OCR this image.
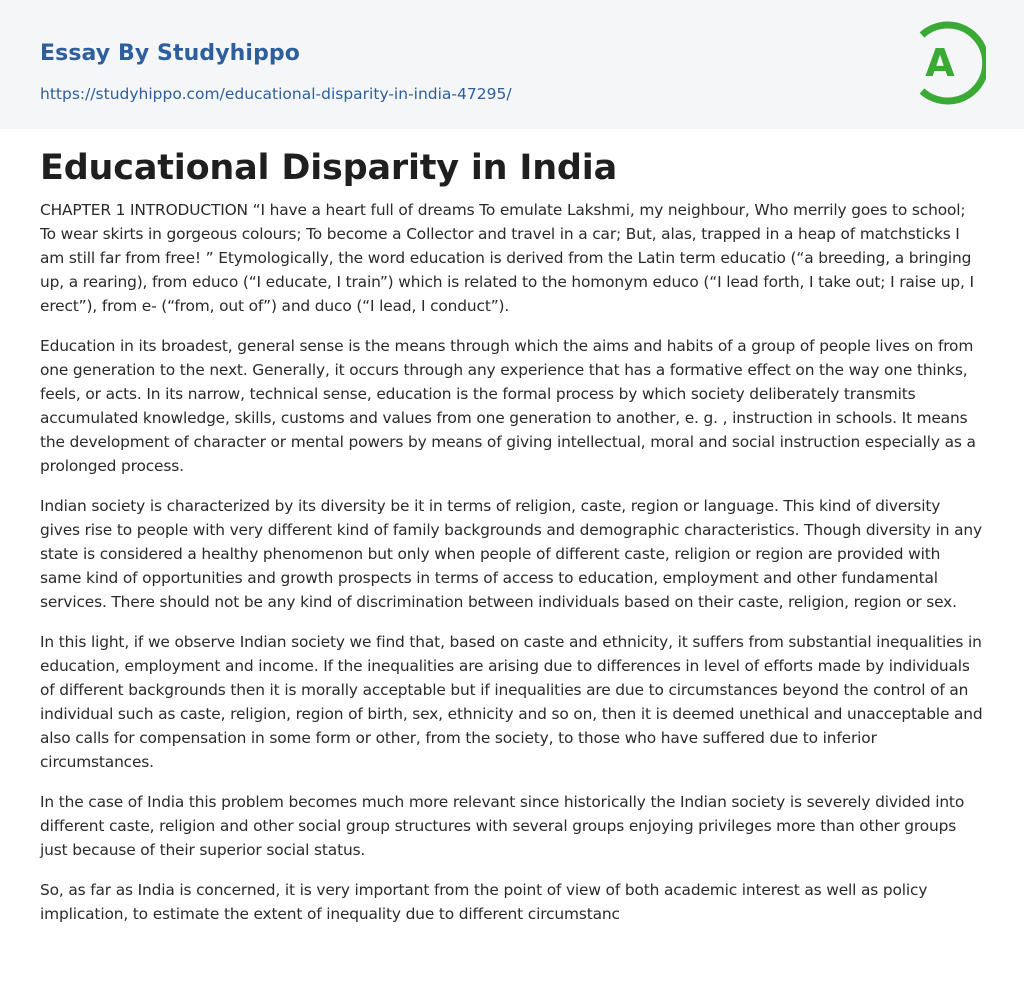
Essay By Studyhippo
https://studyhippo.com/educational-disparity-in-india-47295/
A
Educational Disparity in India

CHAPTER 1 INTRODUCTION “I have a heart full of dreams To emulate Lakshmi, my neighbour, Who merrily goes to school; To wear skirts in gorgeous colours; To become a Collector and travel in a car; But, alas, trapped in a heap of matchsticks I am still far from free! ” Etymologically, the word education is derived from the Latin term educatio (“a breeding, a bringing up, a rearing), from educo (“I educate, I train”) which is related to the homonym educo (“I lead forth, I take out; I raise up, I erect”), from e- (“from, out of”) and duco (“I lead, I conduct”).

Education in its broadest, general sense is the means through which the aims and habits of a group of people lives on from one generation to the next. Generally, it occurs through any experience that has a formative effect on the way one thinks, feels, or acts. In its narrow, technical sense, education is the formal process by which society deliberately transmits accumulated knowledge, skills, customs and values from one generation to another, e. g. , instruction in schools. It means the development of character or mental powers by means of giving intellectual, moral and social instruction especially as a prolonged process.

Indian society is characterized by its diversity be it in terms of religion, caste, region or language. This kind of diversity gives rise to people with very different kind of family backgrounds and demographic characteristics. Though diversity in any state is considered a healthy phenomenon but only when people of different caste, religion or region are provided with same kind of opportunities and growth prospects in terms of access to education, employment and other fundamental services. There should not be any kind of discrimination between individuals based on their caste, religion, region or sex.

In this light, if we observe Indian society we find that, based on caste and ethnicity, it suffers from substantial inequalities in education, employment and income. If the inequalities are arising due to differences in level of efforts made by individuals of different backgrounds then it is morally acceptable but if inequalities are due to circumstances beyond the control of an individual such as caste, religion, region of birth, sex, ethnicity and so on, then it is deemed unethical and unacceptable and also calls for compensation in some form or other, from the society, to those who have suffered due to inferior circumstances.

In the case of India this problem becomes much more relevant since historically the Indian society is severely divided into different caste, religion and other social group structures with several groups enjoying privileges more than other groups just because of their superior social status.

So, as far as India is concerned, it is very important from the point of view of both academic interest as well as policy implication, to estimate the extent of inequality due to different circumstanc
